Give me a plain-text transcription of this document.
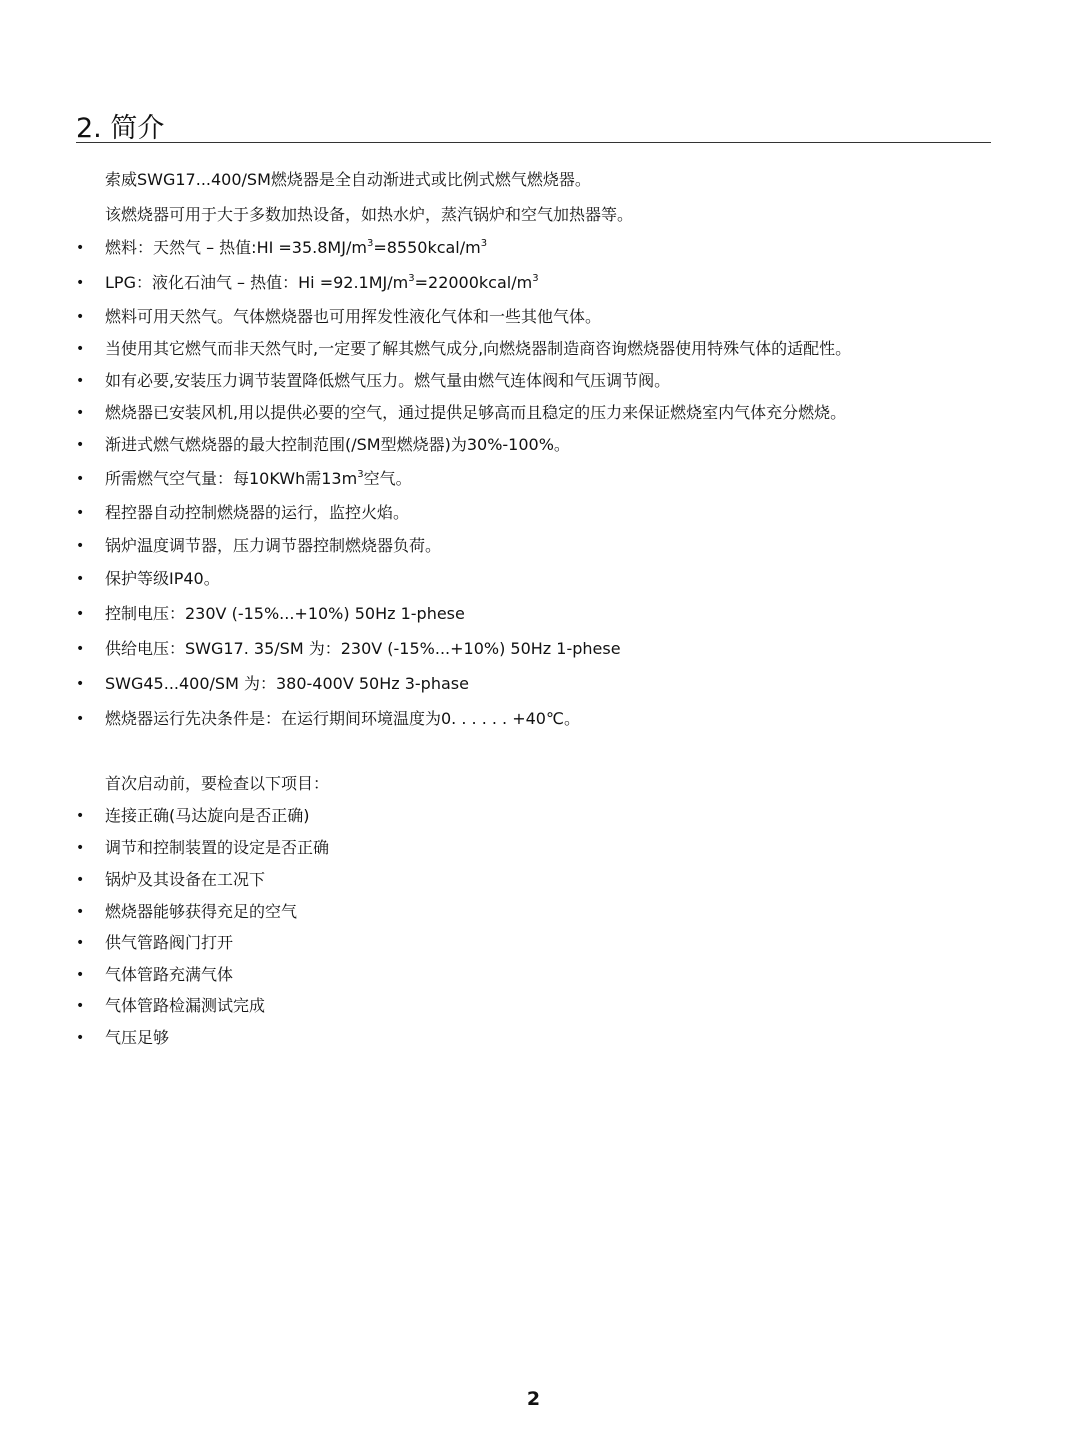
2. 简介
索威SWG17...400/SM燃烧器是全自动渐进式或比例式燃气燃烧器。
该燃烧器可用于大于多数加热设备，如热水炉，蒸汽锅炉和空气加热器等。
• 燃料：天然气 – 热值:HI $=35.8MJ/m^3=8550kcal/m^3$
• LPG：液化石油气 – 热值：$Hi =92.1MJ/m^3=22000kcal/m^3$
• 燃料可用天然气。气体燃烧器也可用挥发性液化气体和一些其他气体。
• 当使用其它燃气而非天然气时,一定要了解其燃气成分,向燃烧器制造商咨询燃烧器使用特殊气体的适配性。
• 如有必要,安装压力调节装置降低燃气压力。燃气量由燃气连体阀和气压调节阀。
• 燃烧器已安装风机,用以提供必要的空气，通过提供足够高而且稳定的压力来保证燃烧室内气体充分燃烧。
• 渐进式燃气燃烧器的最大控制范围(/SM型燃烧器)为30%-100%。
• 所需燃气空气量：每10KWh需$13m^3$空气。
• 程控器自动控制燃烧器的运行，监控火焰。
• 锅炉温度调节器，压力调节器控制燃烧器负荷。
• 保护等级IP40。
• 控制电压：230V (-15%...+10%) 50Hz 1-phese
• 供给电压：SWG17. 35/SM 为：230V (-15%...+10%) 50Hz 1-phese
• SWG45...400/SM 为：380-400V 50Hz 3-phase
• 燃烧器运行先决条件是：在运行期间环境温度为0. . . . . . +40℃。
首次启动前，要检查以下项目：
• 连接正确(马达旋向是否正确)
• 调节和控制装置的设定是否正确
• 锅炉及其设备在工况下
• 燃烧器能够获得充足的空气
• 供气管路阀门打开
• 气体管路充满气体
• 气体管路检漏测试完成
• 气压足够
2
